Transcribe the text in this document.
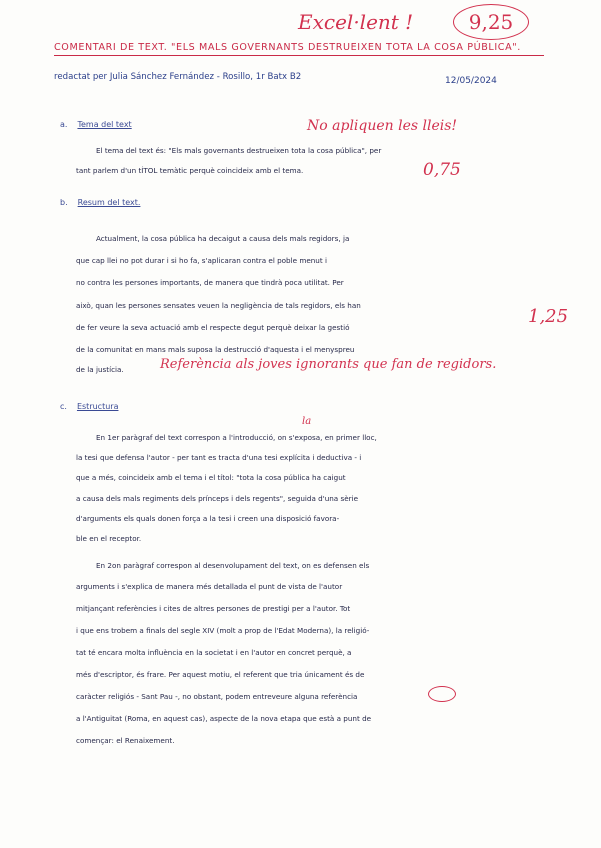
Excel·lent !	9,25
COMENTARI DE TEXT. "ELS MALS GOVERNANTS DESTRUEIXEN TOTA LA COSA PÚBLICA".
redactat per Julia Sánchez Fernández - Rosillo, 1r Batx B2	12/05/2024
a. Tema del text	No apliquen les lleis!
El tema del text és: "Els mals governants destrueixen tota la cosa pública", per
tant parlem d'un tÍTOL temàtic perquè coincideix amb el tema.	0,75
b. Resum del text.
Actualment, la cosa pública ha decaigut a causa dels mals regidors, ja
que cap llei no pot durar i si ho fa, s'aplicaran contra el poble menut i
no contra les persones importants, de manera que tindrà poca utilitat. Per
això, quan les persones sensates veuen la negligència de tals regidors, els han
de fer veure la seva actuació amb el respecte degut perquè deixar la gestió
de la comunitat en mans mals suposa la destrucció d'aquesta i el menyspreu
de la justícia.	Referència als joves ignorants que fan de regidors.
1,25
c. Estructura
la
En 1er paràgraf del text correspon a l'introducció, on s'exposa, en primer lloc,
la tesi que defensa l'autor - per tant es tracta d'una tesi explícita i deductiva - i
que a més, coincideix amb el tema i el títol: "tota la cosa pública ha caigut
a causa dels mals regiments dels prínceps i dels regents", seguida d'una sèrie
d'arguments els quals donen força a la tesi i creen una disposició favora-
ble en el receptor.
En 2on paràgraf correspon al desenvolupament del text, on es defensen els
arguments i s'explica de manera més detallada el punt de vista de l'autor
mitjançant referències i cites de altres persones de prestigi per a l'autor. Tot
i que ens trobem a finals del segle XIV (molt a prop de l'Edat Moderna), la religió-
tat té encara molta influència en la societat i en l'autor en concret perquè, a
més d'escriptor, és frare. Per aquest motiu, el referent que tria únicament és de
caràcter religiós - Sant Pau -, no obstant, podem entreveure alguna referència
a l'Antiguitat (Roma, en aquest cas), aspecte de la nova etapa que està a punt de
començar: el Renaixement.
